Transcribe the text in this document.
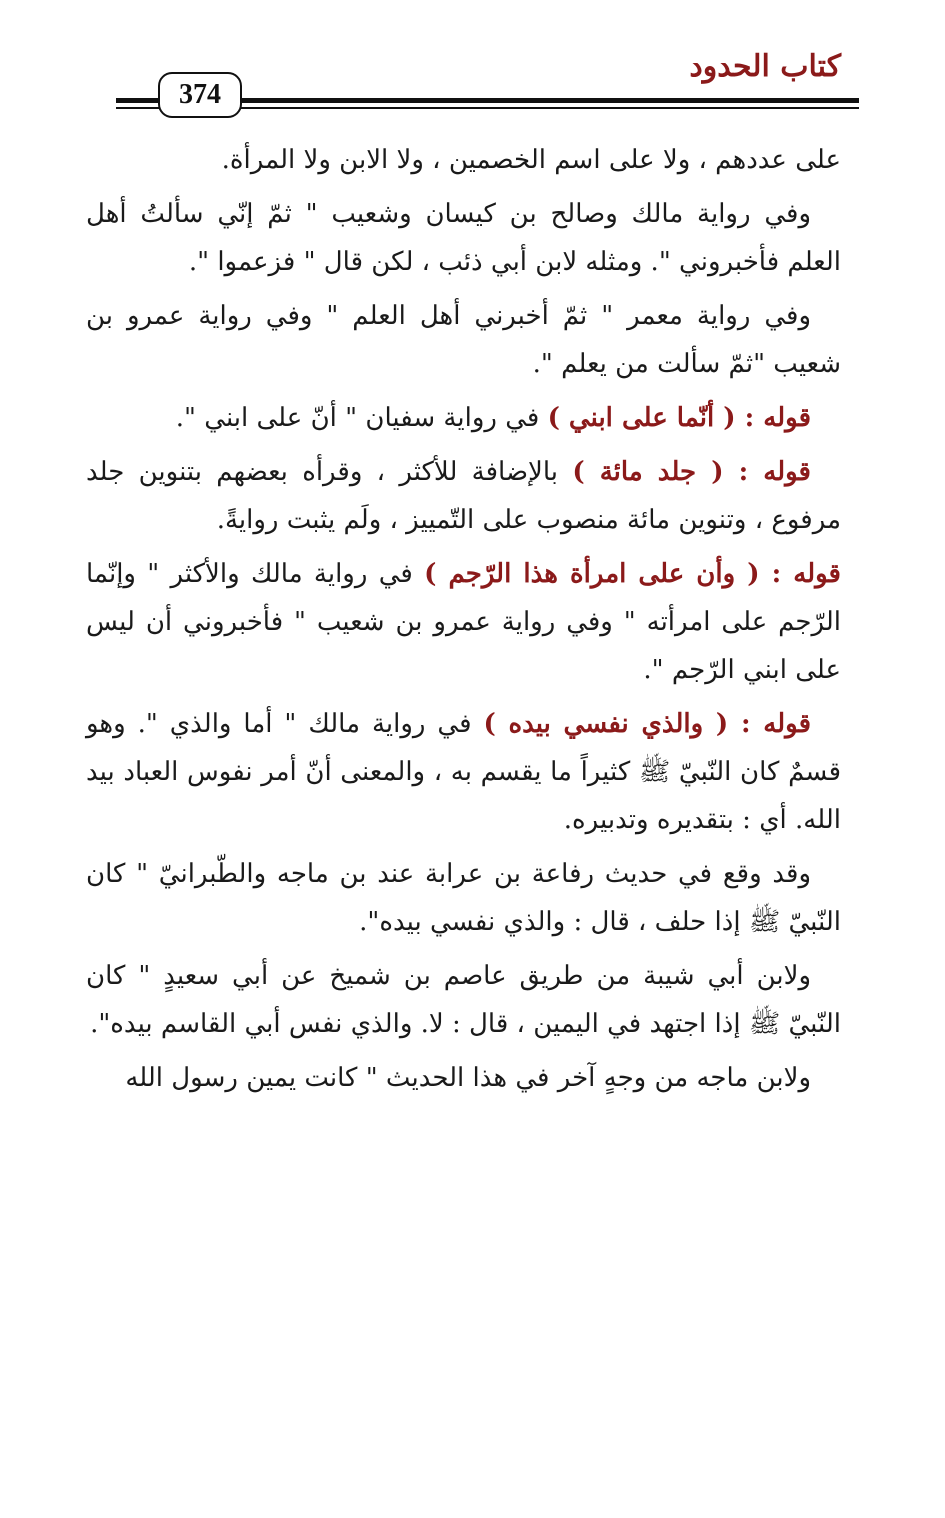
كتاب الحدود
374

على عددهم ، ولا على اسم الخصمين ، ولا الابن ولا المرأة.

وفي رواية مالك وصالح بن كيسان وشعيب " ثمّ إنّي سألتُ أهل العلم فأخبروني ". ومثله لابن أبي ذئب ، لكن قال " فزعموا ".

وفي رواية معمر " ثمّ أخبرني أهل العلم " وفي رواية عمرو بن شعيب "ثمّ سألت من يعلم ".

قوله : ( أنّما على ابني ) في رواية سفيان " أنّ على ابني ".

قوله : ( جلد مائة ) بالإضافة للأكثر ، وقرأه بعضهم بتنوين جلد مرفوع ، وتنوين مائة منصوب على التّمييز ، ولَم يثبت روايةً.

قوله : ( وأن على امرأة هذا الرّجم ) في رواية مالك والأكثر " وإنّما الرّجم على امرأته " وفي رواية عمرو بن شعيب " فأخبروني أن ليس على ابني الرّجم ".

قوله : ( والذي نفسي بيده ) في رواية مالك " أما والذي ". وهو قسمٌ كان النّبيّ ﷺ كثيراً ما يقسم به ، والمعنى أنّ أمر نفوس العباد بيد الله. أي : بتقديره وتدبيره.

وقد وقع في حديث رفاعة بن عرابة عند بن ماجه والطّبرانيّ " كان النّبيّ ﷺ إذا حلف ، قال : والذي نفسي بيده".

ولابن أبي شيبة من طريق عاصم بن شميخ عن أبي سعيدٍ " كان النّبيّ ﷺ إذا اجتهد في اليمين ، قال : لا. والذي نفس أبي القاسم بيده".

ولابن ماجه من وجهٍ آخر في هذا الحديث " كانت يمين رسول الله
